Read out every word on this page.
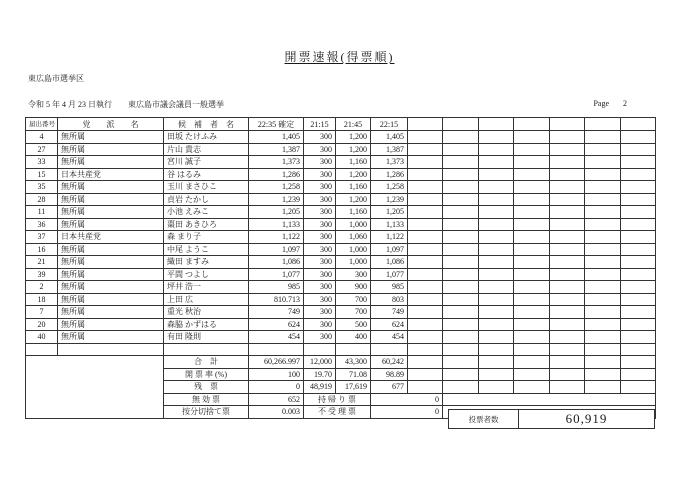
開票速報(得票順)
東広島市選挙区
令和 5 年 4 月 23 日執行 東広島市議会議員一般選挙	Page 2
届出番号	党　　派　　名	候　補　者　名	22:35 確定	21:15	21:45	22:15							
4	無所属	田坂 たけふみ	1,405	300	1,200	1,405							
27	無所属	片山 貴志	1,387	300	1,200	1,387							
33	無所属	宮川 誠子	1,373	300	1,160	1,373							
15	日本共産党	谷 はるみ	1,286	300	1,200	1,286							
35	無所属	玉川 まさひこ	1,258	300	1,160	1,258							
28	無所属	貞岩 たかし	1,239	300	1,200	1,239							
11	無所属	小池 えみこ	1,205	300	1,160	1,205							
36	無所属	棗田 あきひろ	1,133	300	1,000	1,133							
37	日本共産党	森 まり子	1,122	300	1,060	1,122							
16	無所属	中尾 ようこ	1,097	300	1,000	1,097							
21	無所属	織田 ますみ	1,086	300	1,000	1,086							
39	無所属	平間 つよし	1,077	300	300	1,077							
2	無所属	坪井 浩一	985	300	900	985							
18	無所属	上田 広	810.713	300	700	803							
7	無所属	重光 秋治	749	300	700	749							
20	無所属	森脇 かずはる	624	300	500	624							
40	無所属	有田 隆則	454	300	400	454							

		合　計	60,266.997	12,000	43,300	60,242							
		開 票 率 (%)	100	19.70	71.08	98.89							
		残　票	0	48,919	17,619	677							
		無 効 票	652	持 帰 り 票		0							
		按分切捨て票	0.003	不 受 理 票		0							
投票者数	60,919
